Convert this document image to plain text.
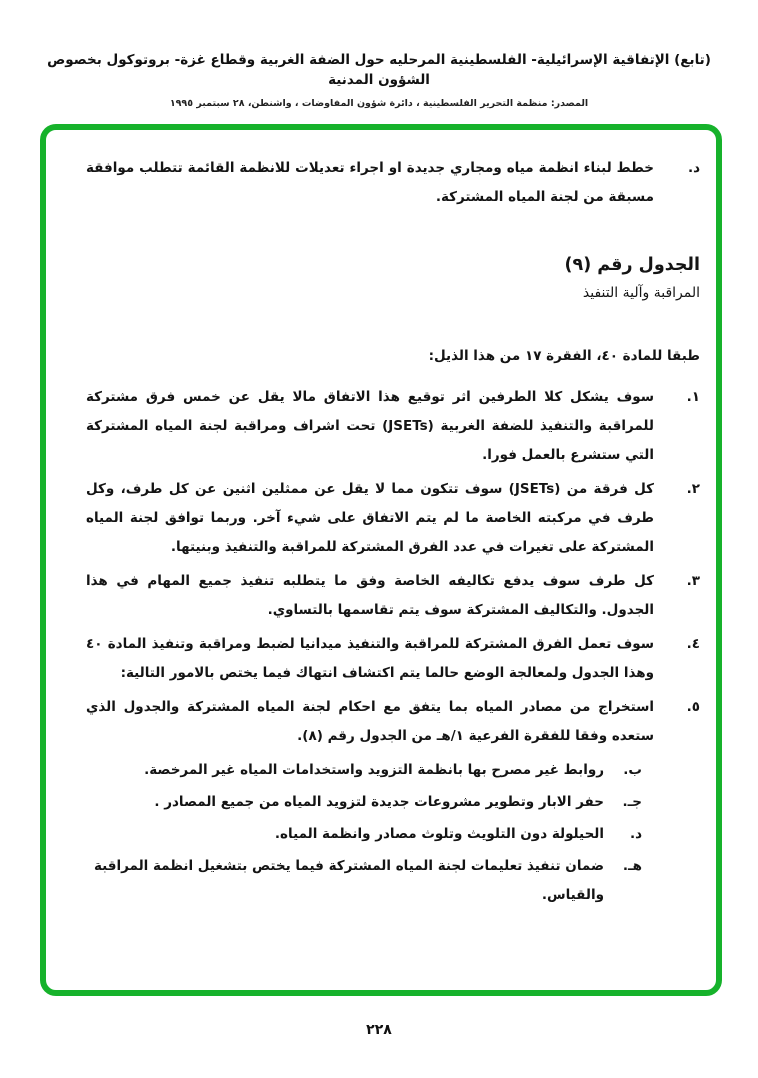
(تابع) الإتفاقية الإسرائيلية- الفلسطينية المرحليه حول الضفة الغربية وقطاع غزة- بروتوكول بخصوص الشؤون المدنية
المصدر: منظمة التحرير الفلسطينية ، دائرة شؤون المفاوضات ، واشنطن، ٢٨ سبتمبر ١٩٩٥
د.
خطط لبناء انظمة مياه ومجاري جديدة او اجراء تعديلات للانظمة القائمة تتطلب موافقة مسبقة من لجنة المياه المشتركة.
الجدول رقم (٩)
المراقبة وآلية التنفيذ
طبقا للمادة ٤٠، الفقرة ١٧ من هذا الذيل:
١.
سوف يشكل كلا الطرفين اثر توقيع هذا الاتفاق مالا يقل عن خمس فرق مشتركة للمراقبة والتنفيذ للضفة الغربية (JSETs) تحت اشراف ومراقبة لجنة المياه المشتركة التي ستشرع بالعمل فورا.
٢.
كل فرقة من (JSETs) سوف تتكون مما لا يقل عن ممثلين اثنين عن كل طرف، وكل طرف في مركبته الخاصة ما لم يتم الاتفاق على شيء آخر. وربما توافق لجنة المياه المشتركة على تغيرات في عدد الفرق المشتركة للمراقبة والتنفيذ وبنيتها.
٣.
كل طرف سوف يدفع تكاليفه الخاصة وفق ما يتطلبه تنفيذ جميع المهام في هذا الجدول. والتكاليف المشتركة سوف يتم تقاسمها بالتساوي.
٤.
سوف تعمل الفرق المشتركة للمراقبة والتنفيذ ميدانيا لضبط ومراقبة وتنفيذ المادة ٤٠ وهذا الجدول ولمعالجة الوضع حالما يتم اكتشاف انتهاك فيما يختص بالامور التالية:
٥.
استخراج من مصادر المياه بما يتفق مع احكام لجنة المياه المشتركة والجدول الذي ستعده وفقا للفقرة الفرعية ١/هـ من الجدول رقم (٨).
ب.
روابط غير مصرح بها بانظمة التزويد واستخدامات المياه غير المرخصة.
جـ.
حفر الابار وتطوير مشروعات جديدة لتزويد المياه من جميع المصادر .
د.
الحيلولة دون التلويث وتلوث مصادر وانظمة المياه.
هـ.
ضمان تنفيذ تعليمات لجنة المياه المشتركة فيما يختص بتشغيل انظمة المراقبة والقياس.
٢٢٨
